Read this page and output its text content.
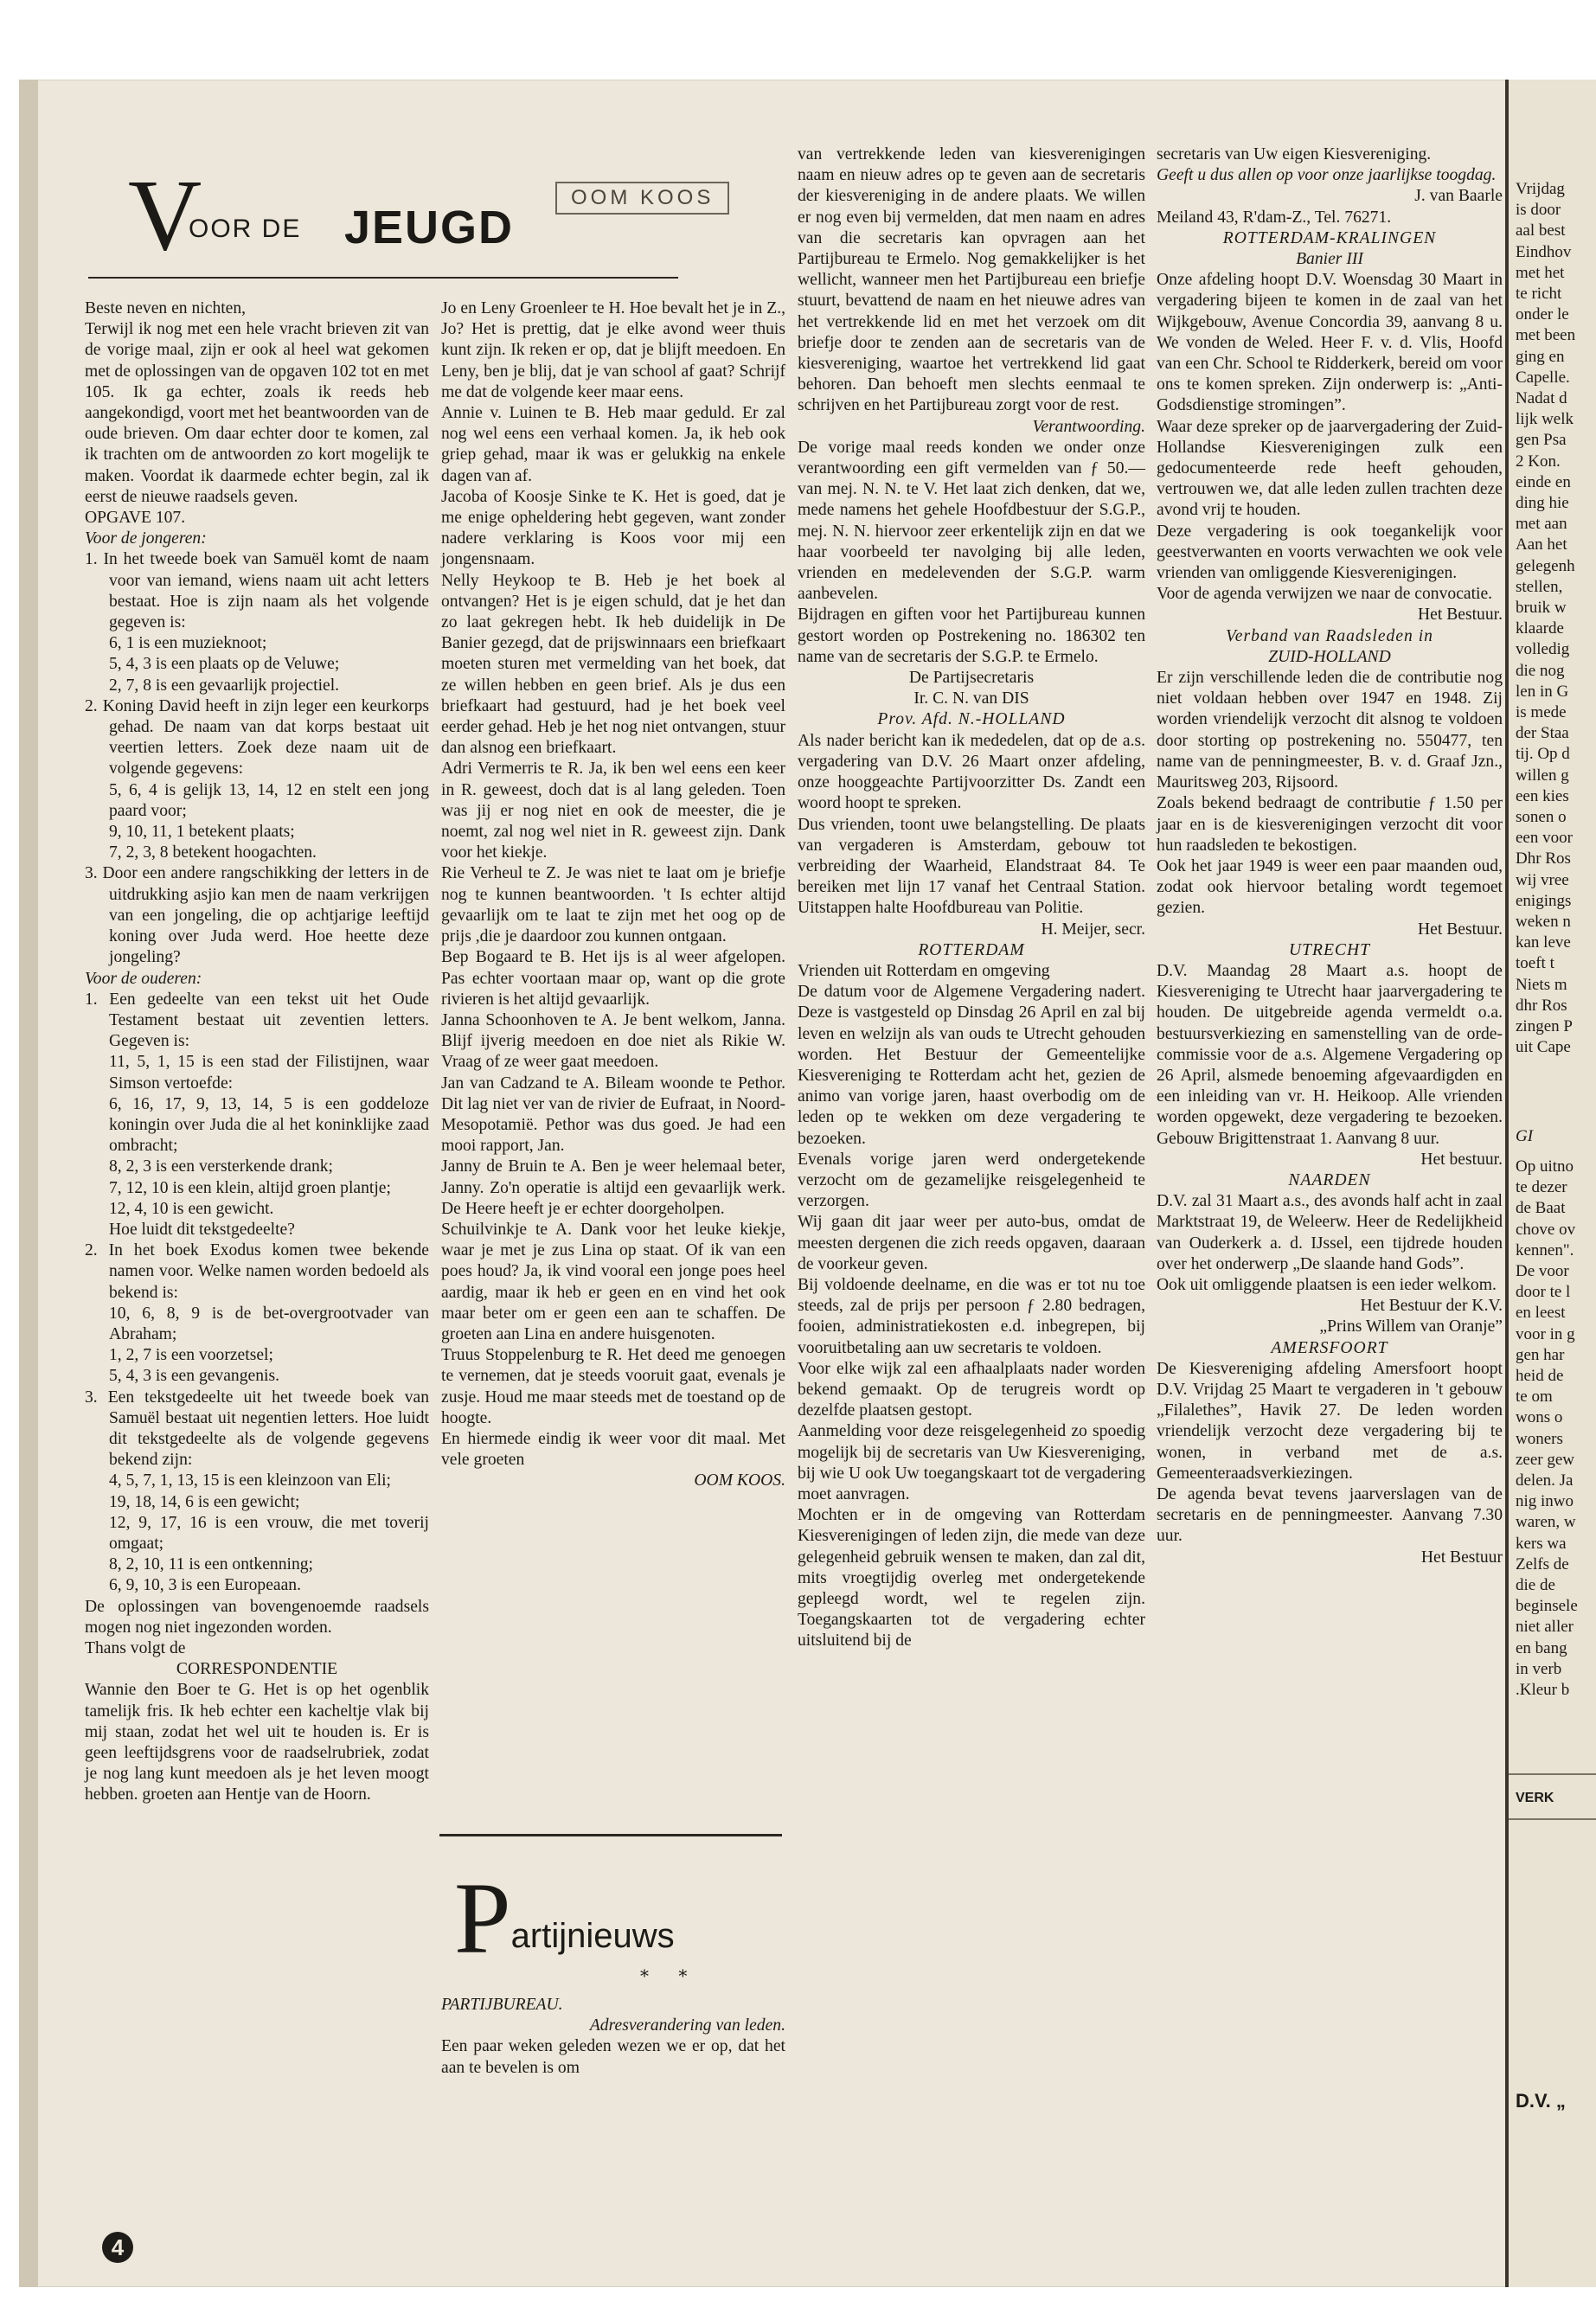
V
OOR DE JEUGD
OOM KOOS

Beste neven en nichten,

Terwijl ik nog met een hele vracht brieven zit van de vorige maal, zijn er ook al heel wat gekomen met de oplossingen van de opgaven 102 tot en met 105. Ik ga echter, zoals ik reeds heb aangekondigd, voort met het beantwoorden van de oude brieven. Om daar echter door te komen, zal ik trachten om de antwoorden zo kort mogelijk te maken. Voordat ik daarmede echter begin, zal ik eerst de nieuwe raadsels geven.

OPGAVE 107.

Voor de jongeren:

1. In het tweede boek van Samuël komt de naam voor van iemand, wiens naam uit acht letters bestaat. Hoe is zijn naam als het volgende gegeven is:

6, 1 is een muzieknoot;

5, 4, 3 is een plaats op de Veluwe;

2, 7, 8 is een gevaarlijk projectiel.

2. Koning David heeft in zijn leger een keurkorps gehad. De naam van dat korps bestaat uit veertien letters. Zoek deze naam uit de volgende gegevens:

5, 6, 4 is gelijk 13, 14, 12 en stelt een jong paard voor;

9, 10, 11, 1 betekent plaats;

7, 2, 3, 8 betekent hoogachten.

3. Door een andere rangschikking der letters in de uitdrukking asjio kan men de naam verkrijgen van een jongeling, die op achtjarige leeftijd koning over Juda werd. Hoe heette deze jongeling?

Voor de ouderen:

1. Een gedeelte van een tekst uit het Oude Testament bestaat uit zeventien letters. Gegeven is:

11, 5, 1, 15 is een stad der Filistijnen, waar Simson vertoefde:

6, 16, 17, 9, 13, 14, 5 is een goddeloze koningin over Juda die al het koninklijke zaad ombracht;

8, 2, 3 is een versterkende drank;

7, 12, 10 is een klein, altijd groen plantje;

12, 4, 10 is een gewicht.

Hoe luidt dit tekstgedeelte?

2. In het boek Exodus komen twee bekende namen voor. Welke namen worden bedoeld als bekend is:

10, 6, 8, 9 is de bet-overgrootvader van Abraham;

1, 2, 7 is een voorzetsel;

5, 4, 3 is een gevangenis.

3. Een tekstgedeelte uit het tweede boek van Samuël bestaat uit negentien letters. Hoe luidt dit tekstgedeelte als de volgende gegevens bekend zijn:

4, 5, 7, 1, 13, 15 is een kleinzoon van Eli;

19, 18, 14, 6 is een gewicht;

12, 9, 17, 16 is een vrouw, die met toverij omgaat;

8, 2, 10, 11 is een ontkenning;

6, 9, 10, 3 is een Europeaan.

De oplossingen van bovengenoemde raadsels mogen nog niet ingezonden worden.

Thans volgt de

CORRESPONDENTIE

Wannie den Boer te G. Het is op het ogenblik tamelijk fris. Ik heb echter een kacheltje vlak bij mij staan, zodat het wel uit te houden is. Er is geen leeftijdsgrens voor de raadselrubriek, zodat je nog lang kunt meedoen als je het leven moogt hebben. groeten aan Hentje van de Hoorn.

Jo en Leny Groenleer te H. Hoe bevalt het je in Z., Jo? Het is prettig, dat je elke avond weer thuis kunt zijn. Ik reken er op, dat je blijft meedoen. En Leny, ben je blij, dat je van school af gaat? Schrijf me dat de volgende keer maar eens.

Annie v. Luinen te B. Heb maar geduld. Er zal nog wel eens een verhaal komen. Ja, ik heb ook griep gehad, maar ik was er gelukkig na enkele dagen van af.

Jacoba of Koosje Sinke te K. Het is goed, dat je me enige opheldering hebt gegeven, want zonder nadere verklaring is Koos voor mij een jongensnaam.

Nelly Heykoop te B. Heb je het boek al ontvangen? Het is je eigen schuld, dat je het dan zo laat gekregen hebt. Ik heb duidelijk in De Banier gezegd, dat de prijswinnaars een briefkaart moeten sturen met vermelding van het boek, dat ze willen hebben en geen brief. Als je dus een briefkaart had gestuurd, had je het boek veel eerder gehad. Heb je het nog niet ontvangen, stuur dan alsnog een briefkaart.

Adri Vermerris te R. Ja, ik ben wel eens een keer in R. geweest, doch dat is al lang geleden. Toen was jij er nog niet en ook de meester, die je noemt, zal nog wel niet in R. geweest zijn. Dank voor het kiekje.

Rie Verheul te Z. Je was niet te laat om je briefje nog te kunnen beantwoorden. 't Is echter altijd gevaarlijk om te laat te zijn met het oog op de prijs ,die je daardoor zou kunnen ontgaan.

Bep Bogaard te B. Het ijs is al weer afgelopen. Pas echter voortaan maar op, want op die grote rivieren is het altijd gevaarlijk.

Janna Schoonhoven te A. Je bent welkom, Janna. Blijf ijverig meedoen en doe niet als Rikie W. Vraag of ze weer gaat meedoen.

Jan van Cadzand te A. Bileam woonde te Pethor. Dit lag niet ver van de rivier de Eufraat, in Noord-Mesopotamië. Pethor was dus goed. Je had een mooi rapport, Jan.

Janny de Bruin te A. Ben je weer helemaal beter, Janny. Zo'n operatie is altijd een gevaarlijk werk. De Heere heeft je er echter doorgeholpen.

Schuilvinkje te A. Dank voor het leuke kiekje, waar je met je zus Lina op staat. Of ik van een poes houd? Ja, ik vind vooral een jonge poes heel aardig, maar ik heb er geen en en vind het ook maar beter om er geen een aan te schaffen. De groeten aan Lina en andere huisgenoten.

Truus Stoppelenburg te R. Het deed me genoegen te vernemen, dat je steeds vooruit gaat, evenals je zusje. Houd me maar steeds met de toestand op de hoogte.

En hiermede eindig ik weer voor dit maal. Met vele groeten

OOM KOOS.

Partijnieuws
* *

PARTIJBUREAU.

Adresverandering van leden.

Een paar weken geleden wezen we er op, dat het aan te bevelen is om

van vertrekkende leden van kiesverenigingen naam en nieuw adres op te geven aan de secretaris der kiesvereniging in de andere plaats. We willen er nog even bij vermelden, dat men naam en adres van die secretaris kan opvragen aan het Partijbureau te Ermelo. Nog gemakkelijker is het wellicht, wanneer men het Partijbureau een briefje stuurt, bevattend de naam en het nieuwe adres van het vertrekkende lid en met het verzoek om dit briefje door te zenden aan de secretaris van de kiesvereniging, waartoe het vertrekkend lid gaat behoren. Dan behoeft men slechts eenmaal te schrijven en het Partijbureau zorgt voor de rest.

Verantwoording.

De vorige maal reeds konden we onder onze verantwoording een gift vermelden van ƒ 50.— van mej. N. N. te V. Het laat zich denken, dat we, mede namens het gehele Hoofdbestuur der S.G.P., mej. N. N. hiervoor zeer erkentelijk zijn en dat we haar voorbeeld ter navolging bij alle leden, vrienden en medelevenden der S.G.P. warm aanbevelen.

Bijdragen en giften voor het Partijbureau kunnen gestort worden op Postrekening no. 186302 ten name van de secretaris der S.G.P. te Ermelo.

De Partijsecretaris

Ir. C. N. van DIS

Prov. Afd. N.-HOLLAND

Als nader bericht kan ik mededelen, dat op de a.s. vergadering van D.V. 26 Maart onzer afdeling, onze hooggeachte Partijvoorzitter Ds. Zandt een woord hoopt te spreken.

Dus vrienden, toont uwe belangstelling. De plaats van vergaderen is Amsterdam, gebouw tot verbreiding der Waarheid, Elandstraat 84. Te bereiken met lijn 17 vanaf het Centraal Station. Uitstappen halte Hoofdbureau van Politie.

H. Meijer, secr.

ROTTERDAM

Vrienden uit Rotterdam en omgeving

De datum voor de Algemene Vergadering nadert. Deze is vastgesteld op Dinsdag 26 April en zal bij leven en welzijn als van ouds te Utrecht gehouden worden. Het Bestuur der Gemeentelijke Kiesvereniging te Rotterdam acht het, gezien de animo van vorige jaren, haast overbodig om de leden op te wekken om deze vergadering te bezoeken.

Evenals vorige jaren werd ondergetekende verzocht om de gezamelijke reisgelegenheid te verzorgen.

Wij gaan dit jaar weer per auto-bus, omdat de meesten dergenen die zich reeds opgaven, daaraan de voorkeur geven.

Bij voldoende deelname, en die was er tot nu toe steeds, zal de prijs per persoon ƒ 2.80 bedragen, fooien, administratiekosten e.d. inbegrepen, bij vooruitbetaling aan uw secretaris te voldoen.

Voor elke wijk zal een afhaalplaats nader worden bekend gemaakt. Op de terugreis wordt op dezelfde plaatsen gestopt.

Aanmelding voor deze reisgelegenheid zo spoedig mogelijk bij de secretaris van Uw Kiesvereniging, bij wie U ook Uw toegangskaart tot de vergadering moet aanvragen.

Mochten er in de omgeving van Rotterdam Kiesverenigingen of leden zijn, die mede van deze gelegenheid gebruik wensen te maken, dan zal dit, mits vroegtijdig overleg met ondergetekende gepleegd wordt, wel te regelen zijn. Toegangskaarten tot de vergadering echter uitsluitend bij de

secretaris van Uw eigen Kiesvereniging.

Geeft u dus allen op voor onze jaarlijkse toogdag.

J. van Baarle

Meiland 43, R'dam-Z., Tel. 76271.

ROTTERDAM-KRALINGEN

Banier III

Onze afdeling hoopt D.V. Woensdag 30 Maart in vergadering bijeen te komen in de zaal van het Wijkgebouw, Avenue Concordia 39, aanvang 8 u. We vonden de Weled. Heer F. v. d. Vlis, Hoofd van een Chr. School te Ridderkerk, bereid om voor ons te komen spreken. Zijn onderwerp is: „Anti-Godsdienstige stromingen”.

Waar deze spreker op de jaarvergadering der Zuid-Hollandse Kiesverenigingen zulk een gedocumenteerde rede heeft gehouden, vertrouwen we, dat alle leden zullen trachten deze avond vrij te houden.

Deze vergadering is ook toegankelijk voor geestverwanten en voorts verwachten we ook vele vrienden van omliggende Kiesverenigingen.

Voor de agenda verwijzen we naar de convocatie.

Het Bestuur.

Verband van Raadsleden in

ZUID-HOLLAND

Er zijn verschillende leden die de contributie nog niet voldaan hebben over 1947 en 1948. Zij worden vriendelijk verzocht dit alsnog te voldoen door storting op postrekening no. 550477, ten name van de penningmeester, B. v. d. Graaf Jzn., Mauritsweg 203, Rijsoord.

Zoals bekend bedraagt de contributie ƒ 1.50 per jaar en is de kiesverenigingen verzocht dit voor hun raadsleden te bekostigen.

Ook het jaar 1949 is weer een paar maanden oud, zodat ook hiervoor betaling wordt tegemoet gezien.

Het Bestuur.

UTRECHT

D.V. Maandag 28 Maart a.s. hoopt de Kiesvereniging te Utrecht haar jaarvergadering te houden. De uitgebreide agenda vermeldt o.a. bestuursverkiezing en samenstelling van de orde-commissie voor de a.s. Algemene Vergadering op 26 April, alsmede benoeming afgevaardigden en een inleiding van vr. H. Heikoop. Alle vrienden worden opgewekt, deze vergadering te bezoeken. Gebouw Brigittenstraat 1. Aanvang 8 uur.

Het bestuur.

NAARDEN

D.V. zal 31 Maart a.s., des avonds half acht in zaal Marktstraat 19, de Weleerw. Heer de Redelijkheid van Ouderkerk a. d. IJssel, een tijdrede houden over het onderwerp „De slaande hand Gods”.

Ook uit omliggende plaatsen is een ieder welkom.

Het Bestuur der K.V.

„Prins Willem van Oranje”

AMERSFOORT

De Kiesvereniging afdeling Amersfoort hoopt D.V. Vrijdag 25 Maart te vergaderen in 't gebouw „Filalethes”, Havik 27. De leden worden vriendelijk verzocht deze vergadering bij te wonen, in verband met de a.s. Gemeenteraadsverkiezingen.

De agenda bevat tevens jaarverslagen van de secretaris en de penningmeester. Aanvang 7.30 uur.

Het Bestuur

4
Vrijdag
is door
aal best
Eindhov
met het
te richt
onder le
met been
ging en
Capelle.
Nadat d
lijk welk
gen Psa
2 Kon.
einde en
ding hie
met aan
Aan het
gelegenh
stellen,
bruik w
klaarde
volledig
die nog
len in G
is mede
der Staa
tij. Op d
willen g
een kies
sonen o
een voor
Dhr Ros
wij vree
enigings
weken n
kan leve
toeft t
Niets m
dhr Ros
zingen P
uit Cape
GI
Op uitno
te dezer
de Baat
chove ov
kennen".
De voor
door te l
en leest
voor in g
gen har
heid de
te om
wons o
woners
zeer gew
delen. Ja
nig inwo
waren, w
kers wa
Zelfs de
die de
beginsele
niet aller
en bang
in verb
.Kleur b
VERK
D.V. „
